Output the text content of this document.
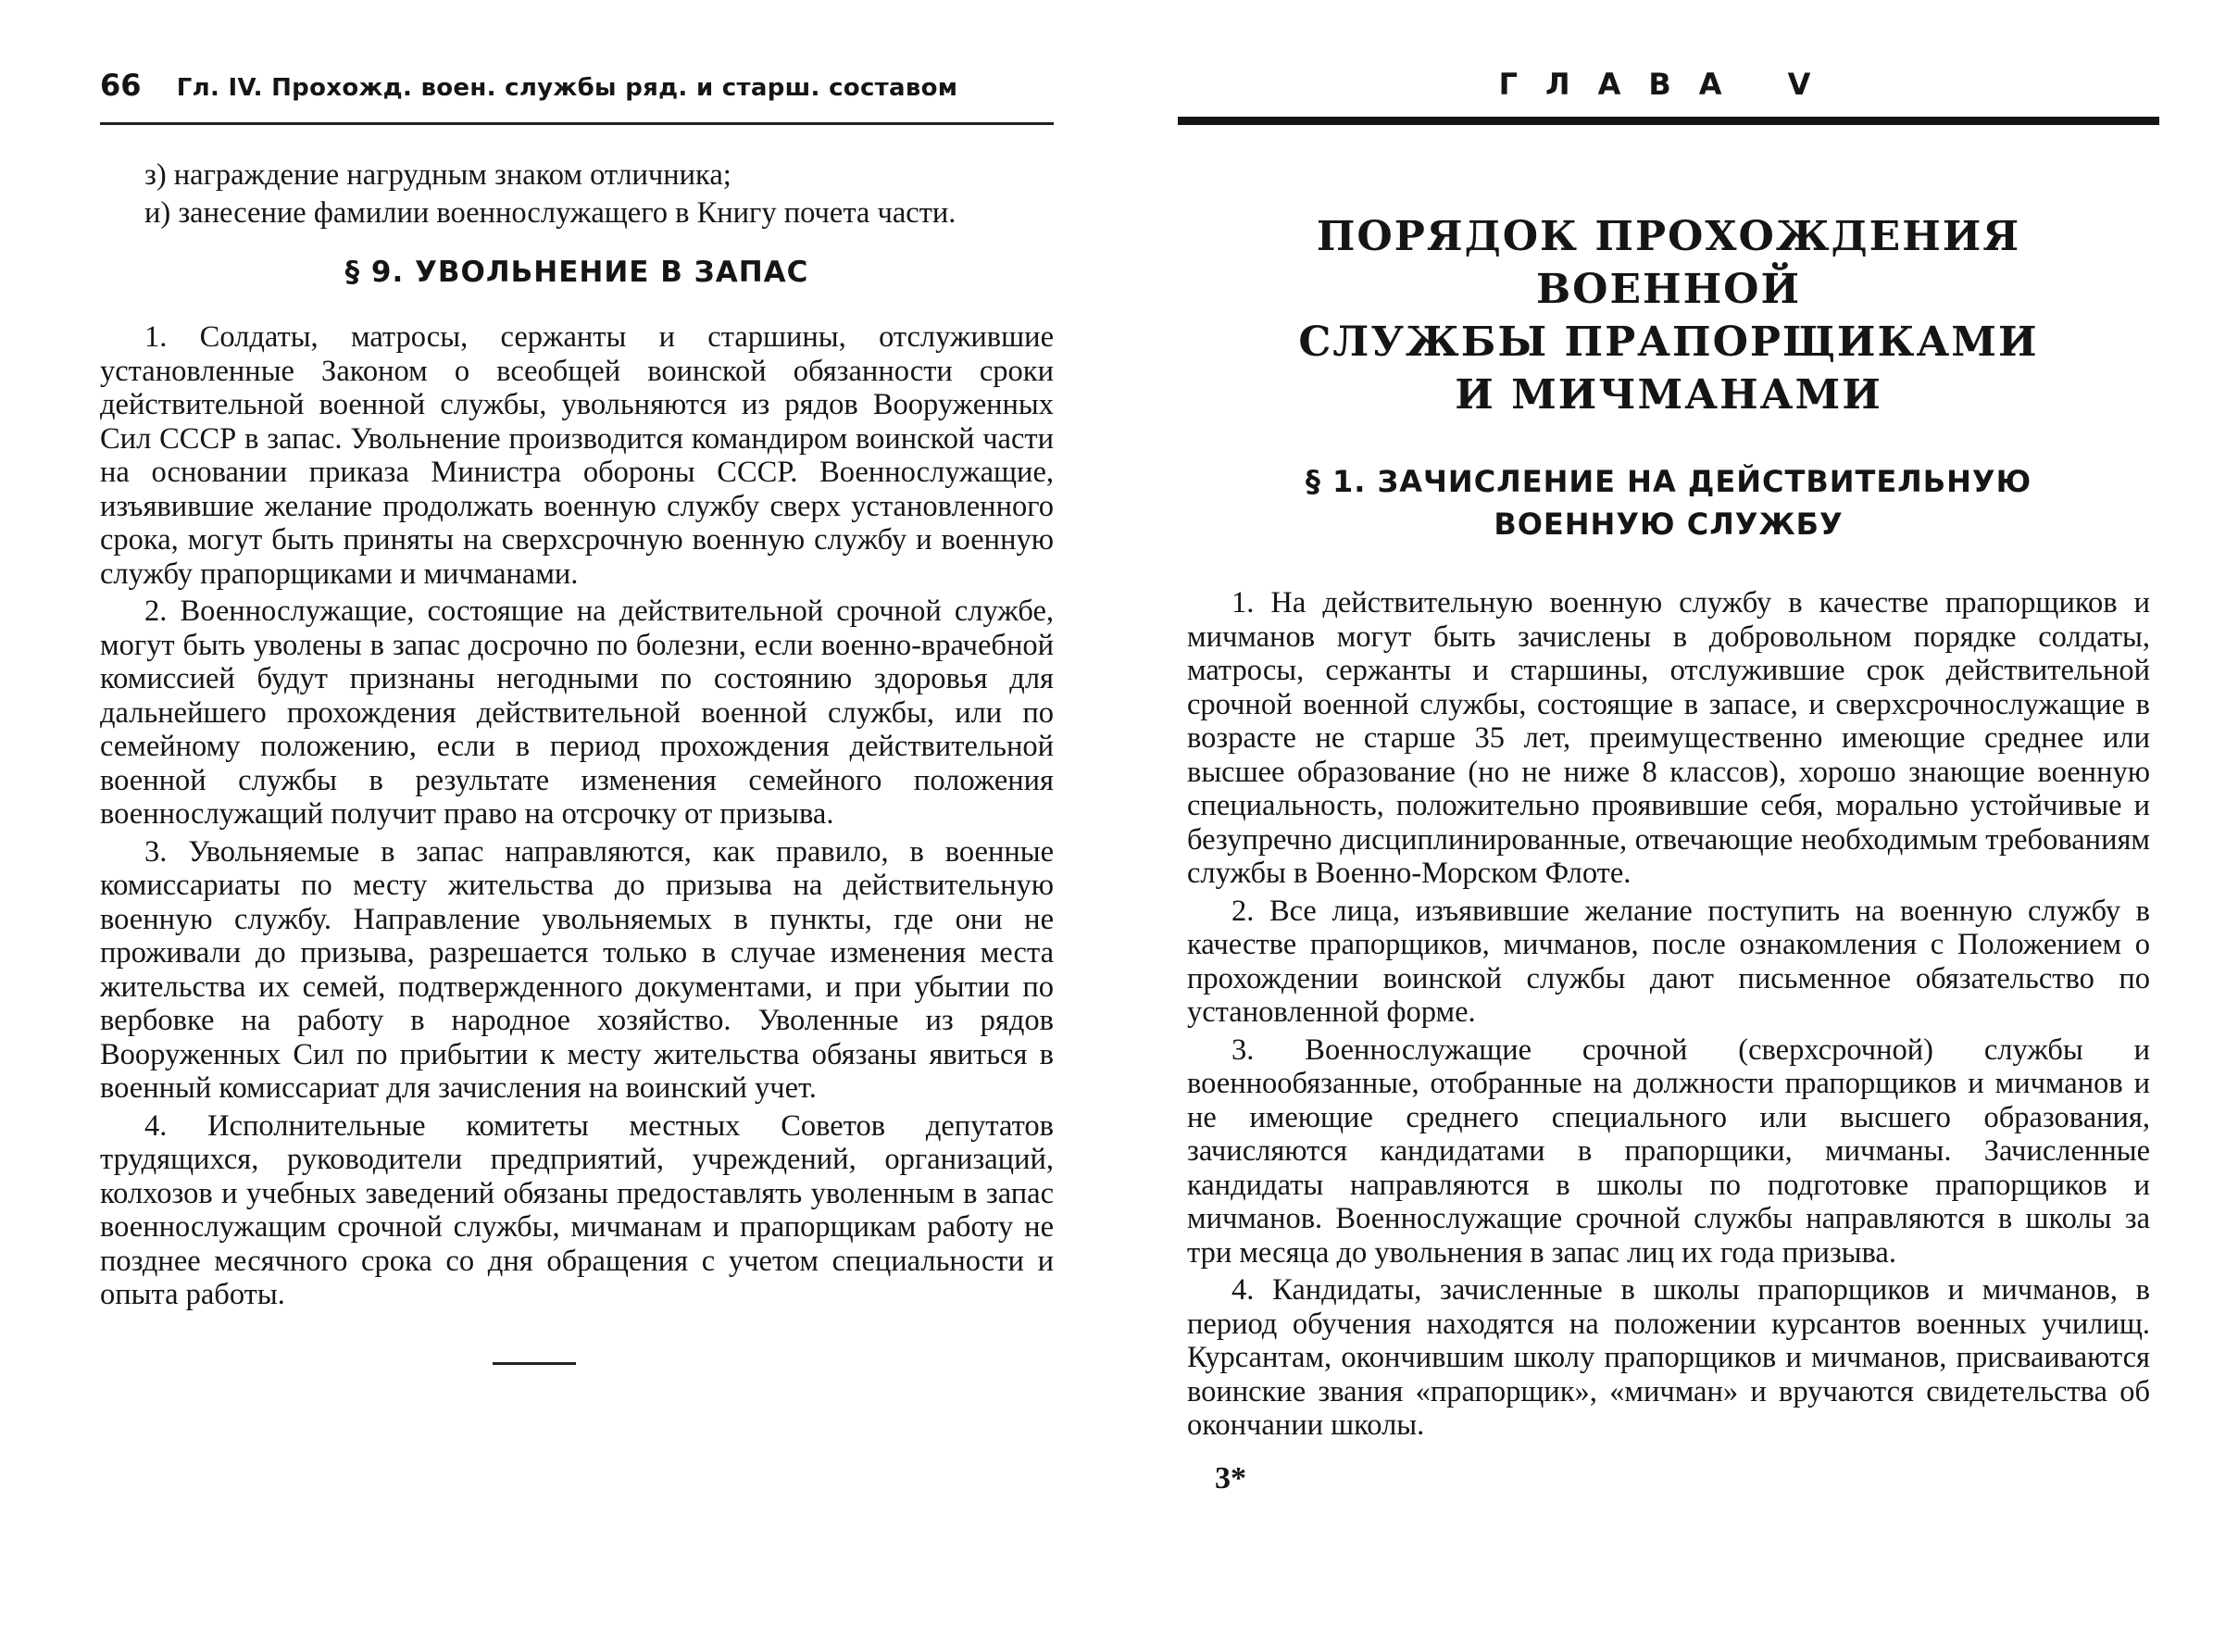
66 Гл. IV. Прохожд. воен. службы ряд. и старш. составом

з) награждение нагрудным знаком отличника;

и) занесение фамилии военнослужащего в Книгу почета части.

§ 9. УВОЛЬНЕНИЕ В ЗАПАС

1. Солдаты, матросы, сержанты и старшины, отслужившие установленные Законом о всеобщей воинской обязанности сроки действительной военной службы, увольняются из рядов Вооруженных Сил СССР в запас. Увольнение производится командиром воинской части на основании приказа Министра обороны СССР. Военнослужащие, изъявившие желание продолжать военную службу сверх установленного срока, могут быть приняты на сверхсрочную военную службу и военную службу прапорщиками и мичманами.

2. Военнослужащие, состоящие на действительной срочной службе, могут быть уволены в запас досрочно по болезни, если военно-врачебной комиссией будут признаны негодными по состоянию здоровья для дальнейшего прохождения действительной военной службы, или по семейному положению, если в период прохождения действительной военной службы в результате изменения семейного положения военнослужащий получит право на отсрочку от призыва.

3. Увольняемые в запас направляются, как правило, в военные комиссариаты по месту жительства до призыва на действительную военную службу. Направление увольняемых в пункты, где они не проживали до призыва, разрешается только в случае изменения места жительства их семей, подтвержденного документами, и при убытии по вербовке на работу в народное хозяйство. Уволенные из рядов Вооруженных Сил по прибытии к месту жительства обязаны явиться в военный комиссариат для зачисления на воинский учет.

4. Исполнительные комитеты местных Советов депутатов трудящихся, руководители предприятий, учреждений, организаций, колхозов и учебных заведений обязаны предоставлять уволенным в запас военнослужащим срочной службы, мичманам и прапорщикам работу не позднее месячного срока со дня обращения с учетом специальности и опыта работы.

ГЛАВА V
ПОРЯДОК ПРОХОЖДЕНИЯ ВОЕННОЙ
СЛУЖБЫ ПРАПОРЩИКАМИ
И МИЧМАНАМИ
§ 1. ЗАЧИСЛЕНИЕ НА ДЕЙСТВИТЕЛЬНУЮ
ВОЕННУЮ СЛУЖБУ

1. На действительную военную службу в качестве прапорщиков и мичманов могут быть зачислены в добровольном порядке солдаты, матросы, сержанты и старшины, отслужившие срок действительной срочной военной службы, состоящие в запасе, и сверхсрочнослужащие в возрасте не старше 35 лет, преимущественно имеющие среднее или высшее образование (но не ниже 8 классов), хорошо знающие военную специальность, положительно проявившие себя, морально устойчивые и безупречно дисциплинированные, отвечающие необходимым требованиям службы в Военно-Морском Флоте.

2. Все лица, изъявившие желание поступить на военную службу в качестве прапорщиков, мичманов, после ознакомления с Положением о прохождении воинской службы дают письменное обязательство по установленной форме.

3. Военнослужащие срочной (сверхсрочной) службы и военнообязанные, отобранные на должности прапорщиков и мичманов и не имеющие среднего специального или высшего образования, зачисляются кандидатами в прапорщики, мичманы. Зачисленные кандидаты направляются в школы по подготовке прапорщиков и мичманов. Военнослужащие срочной службы направляются в школы за три месяца до увольнения в запас лиц их года призыва.

4. Кандидаты, зачисленные в школы прапорщиков и мичманов, в период обучения находятся на положении курсантов военных училищ. Курсантам, окончившим школу прапорщиков и мичманов, присваиваются воинские звания «прапорщик», «мичман» и вручаются свидетельства об окончании школы.

3*
